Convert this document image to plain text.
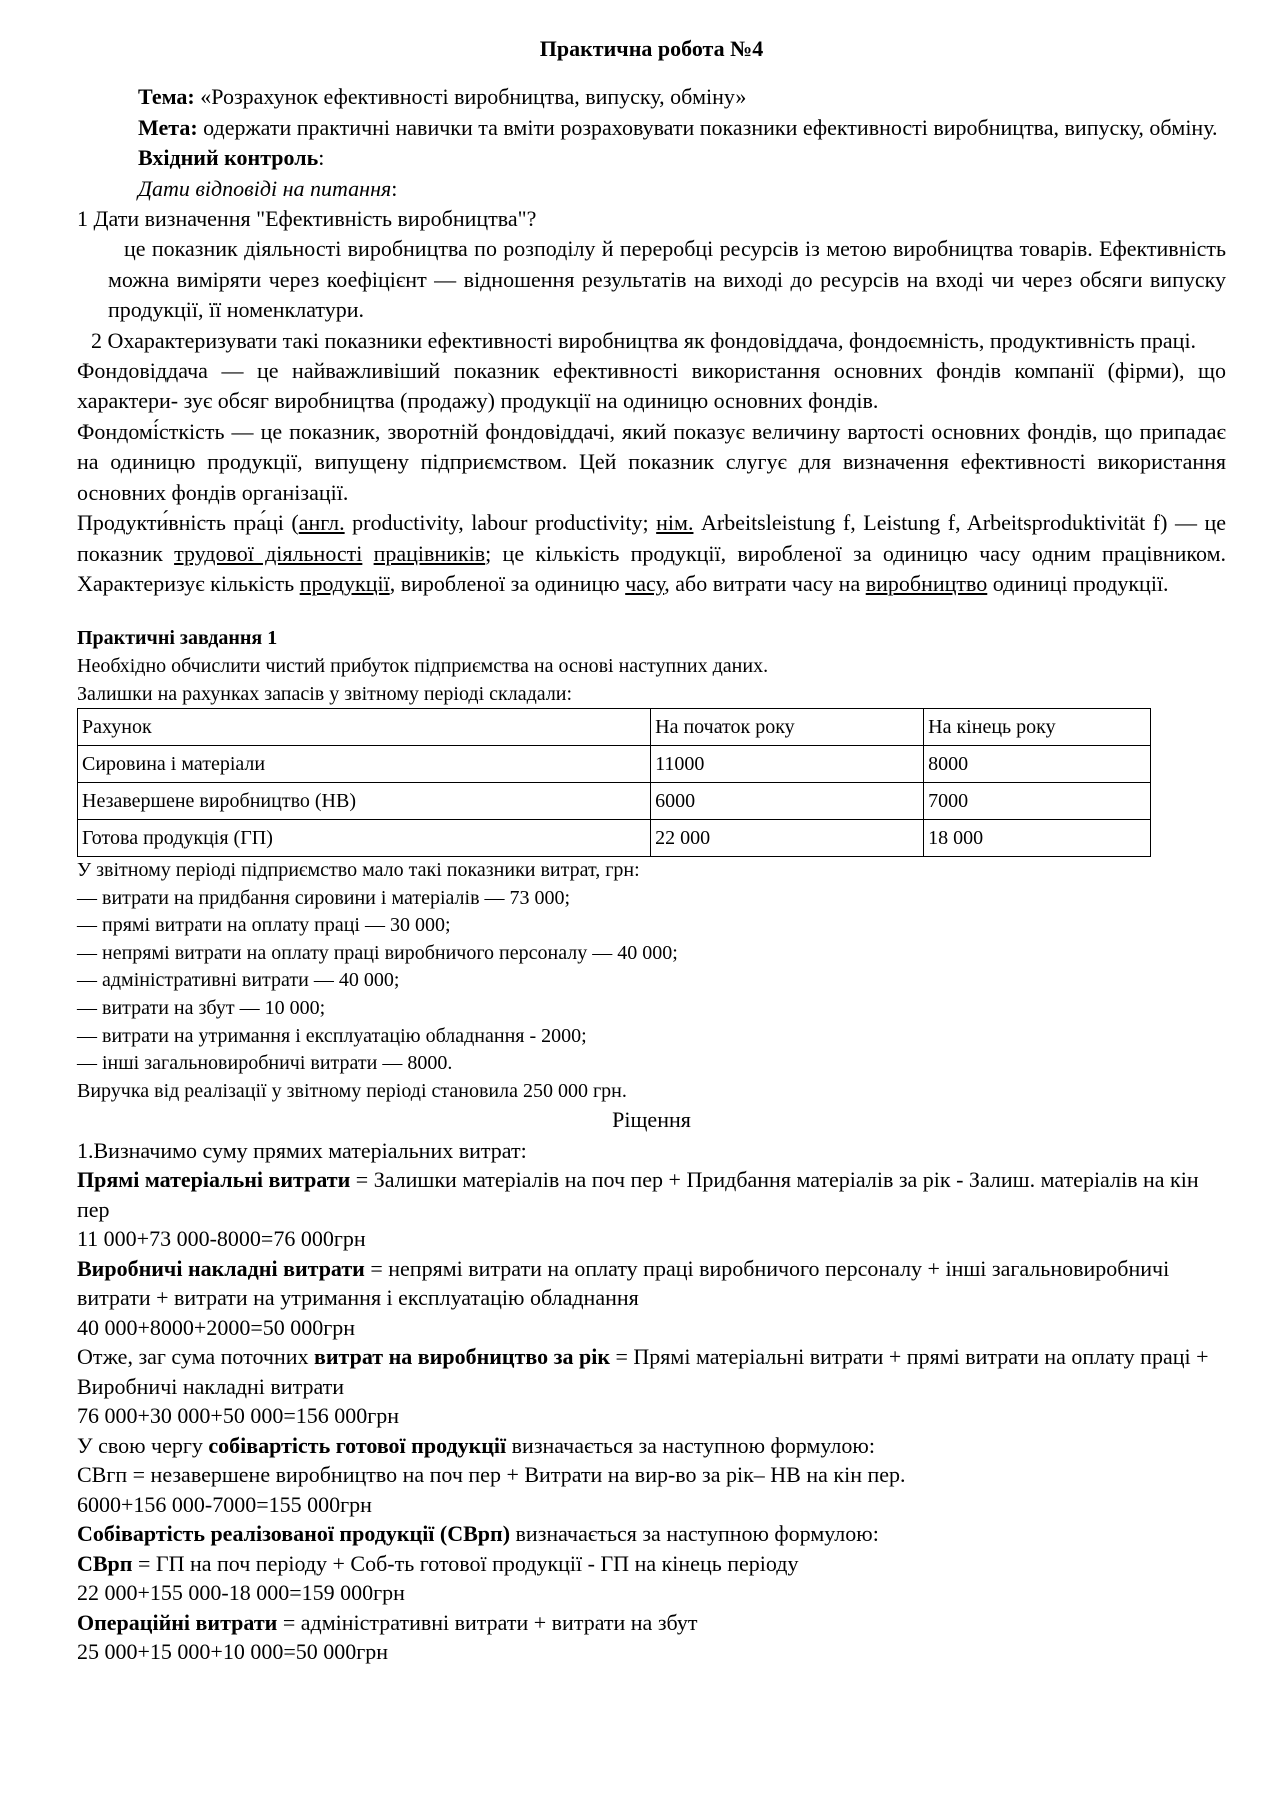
Практична робота №4

Тема: «Розрахунок ефективності виробництва, випуску, обміну»

Мета: одержати практичні навички та вміти розраховувати показники ефективності виробництва, випуску, обміну.

Вхідний контроль:

Дати відповіді на питання:

1 Дати визначення "Ефективність виробництва"?

це показник діяльності виробництва по розподілу й переробці ресурсів із метою виробництва товарів. Ефективність можна виміряти через коефіцієнт — відношення результатів на виході до ресурсів на вході чи через обсяги випуску продукції, її номенклатури.

2 Охарактеризувати такі показники ефективності виробництва як фондовіддача, фондоємність, продуктивність праці.

Фондовіддача — це найважливіший показник ефективності використання основних фондів компанії (фірми), що характери- зує обсяг виробництва (продажу) продукції на одиницю основних фондів.

Фондомі́сткість — це показник, зворотній фондовіддачі, який показує величину вартості основних фондів, що припадає на одиницю продукції, випущену підприємством. Цей показник слугує для визначення ефективності використання основних фондів організації.

Продукти́вність пра́ці (англ. productivity, labour productivity; нім. Arbeitsleistung f, Leistung f, Arbeitsproduktivität f) — це показник трудової діяльності працівників; це кількість продукції, виробленої за одиницю часу одним працівником. Характеризує кількість продукції, виробленої за одиницю часу, або витрати часу на виробництво одиниці продукції.

Практичні завдання 1

Необхідно обчислити чистий прибуток підприємства на основі наступних даних.

Залишки на рахунках запасів у звітному періоді складали:

Рахунок	На початок року	На кінець року
Сировина і матеріали	11000	8000
Незавершене виробництво (НВ)	6000	7000
Готова продукція (ГП)	22 000	18 000

У звітному періоді підприємство мало такі показники витрат, грн:

— витрати на придбання сировини і матеріалів — 73 000;

— прямі витрати на оплату праці — 30 000;

— непрямі витрати на оплату праці виробничого персоналу — 40 000;

— адміністративні витрати — 40 000;

— витрати на збут — 10 000;

— витрати на утримання і експлуатацію обладнання - 2000;

— інші загальновиробничі витрати — 8000.

Виручка від реалізації у звітному періоді становила 250 000 грн.

Ріщення

1.Визначимо суму прямих матеріальних витрат:

Прямі матеріальні витрати = Залишки матеріалів на поч пер + Придбання матеріалів за рік - Залиш. матеріалів на кін пер

11 000+73 000-8000=76 000грн

Виробничі накладні витрати = непрямі витрати на оплату праці виробничого персоналу + інші загальновиробничі витрати + витрати на утримання і експлуатацію обладнання

40 000+8000+2000=50 000грн

Отже, заг сума поточних витрат на виробництво за рік = Прямі матеріальні витрати + прямі витрати на оплату праці + Виробничі накладні витрати

76 000+30 000+50 000=156 000грн

У свою чергу собівартість готової продукції визначається за наступною формулою:

СВгп = незавершене виробництво на поч пер + Витрати на вир-во за рік– НВ на кін пер.

6000+156 000-7000=155 000грн

Собівартість реалізованої продукції (СВрп) визначається за наступною формулою:

СВрп = ГП на поч періоду + Соб-ть готової продукції - ГП на кінець періоду

22 000+155 000-18 000=159 000грн

Операційні витрати = адміністративні витрати + витрати на збут

25 000+15 000+10 000=50 000грн
